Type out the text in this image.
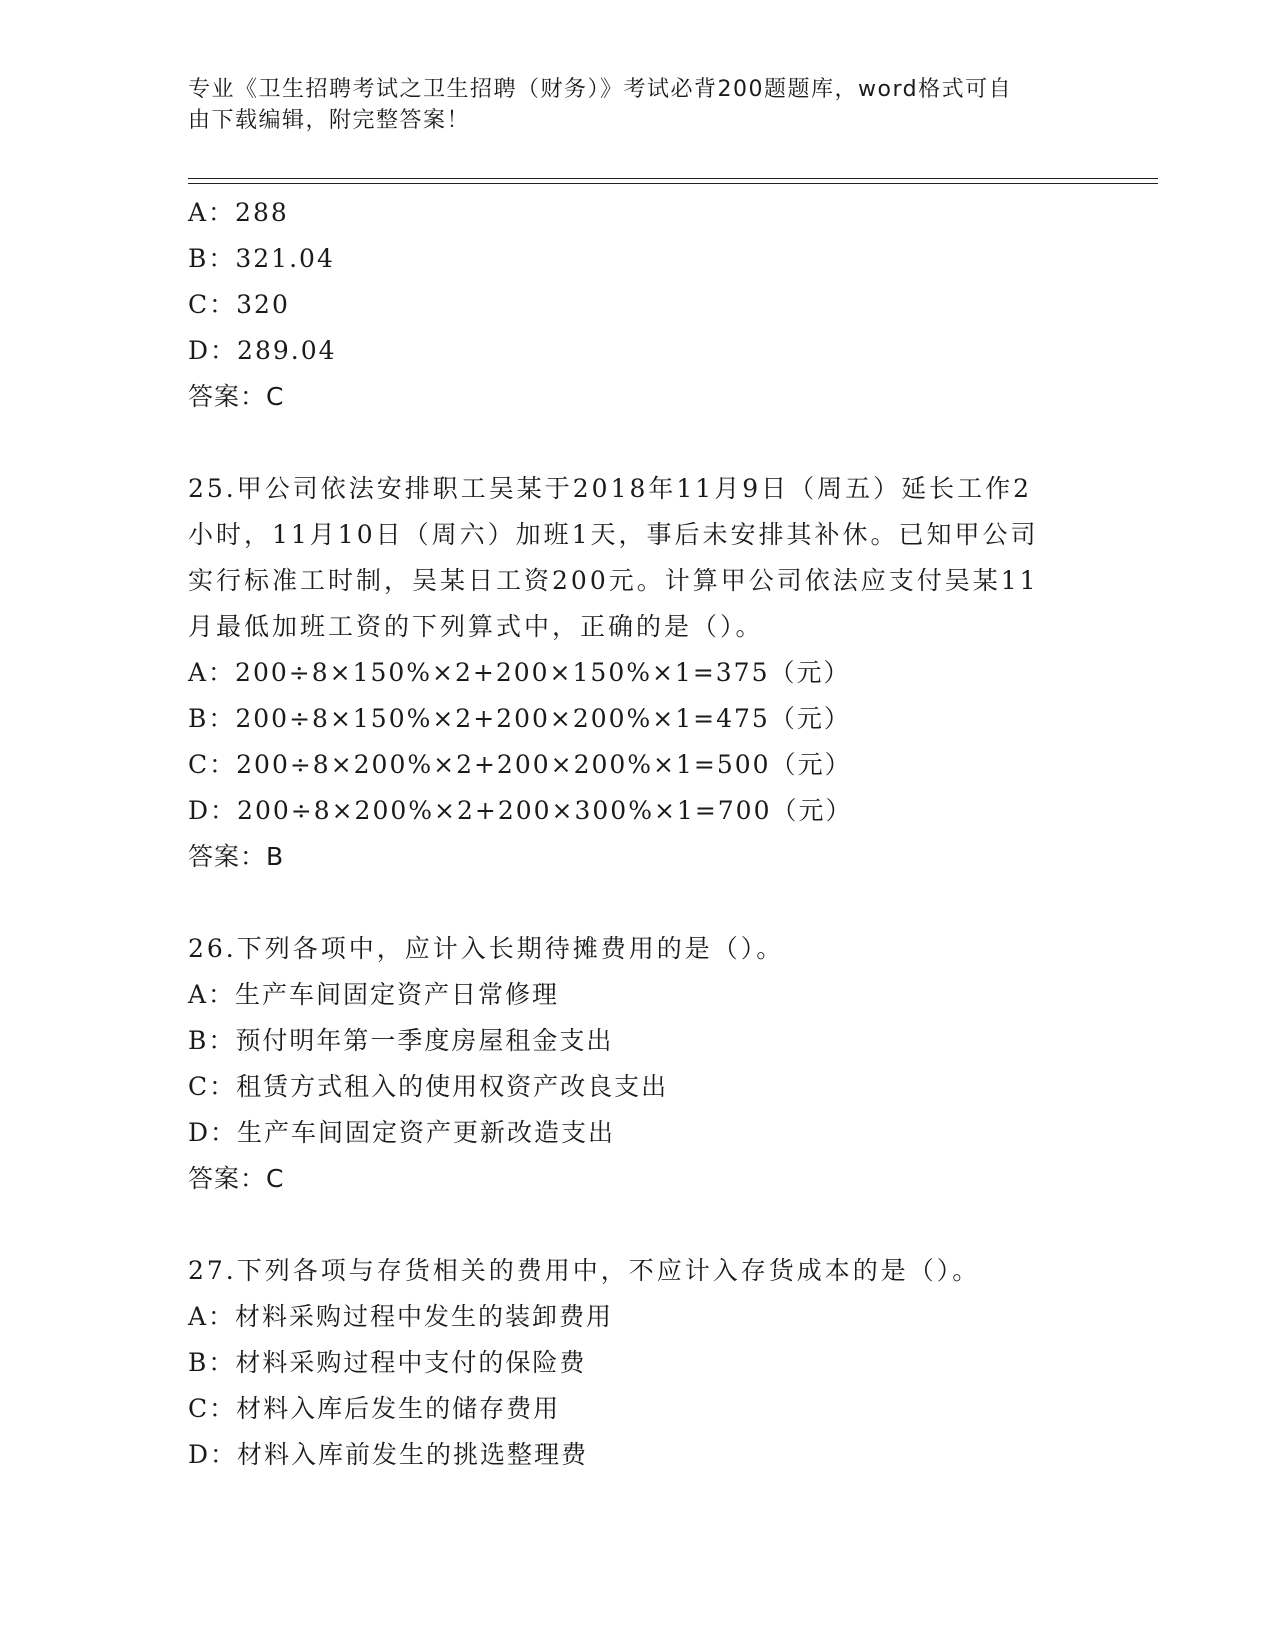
专业《卫生招聘考试之卫生招聘（财务）》考试必背200题题库，word格式可自
由下载编辑，附完整答案！
A：288
B：321.04
C：320
D：289.04
答案：C
25.甲公司依法安排职工吴某于2018年11月9日（周五）延长工作2
小时，11月10日（周六）加班1天，事后未安排其补休。已知甲公司
实行标准工时制，吴某日工资200元。计算甲公司依法应支付吴某11
月最低加班工资的下列算式中，正确的是（）。
A：200÷8×150%×2+200×150%×1=375（元）
B：200÷8×150%×2+200×200%×1=475（元）
C：200÷8×200%×2+200×200%×1=500（元）
D：200÷8×200%×2+200×300%×1=700（元）
答案：B
26.下列各项中，应计入长期待摊费用的是（）。
A：生产车间固定资产日常修理
B：预付明年第一季度房屋租金支出
C：租赁方式租入的使用权资产改良支出
D：生产车间固定资产更新改造支出
答案：C
27.下列各项与存货相关的费用中，不应计入存货成本的是（）。
A：材料采购过程中发生的装卸费用
B：材料采购过程中支付的保险费
C：材料入库后发生的储存费用
D：材料入库前发生的挑选整理费
